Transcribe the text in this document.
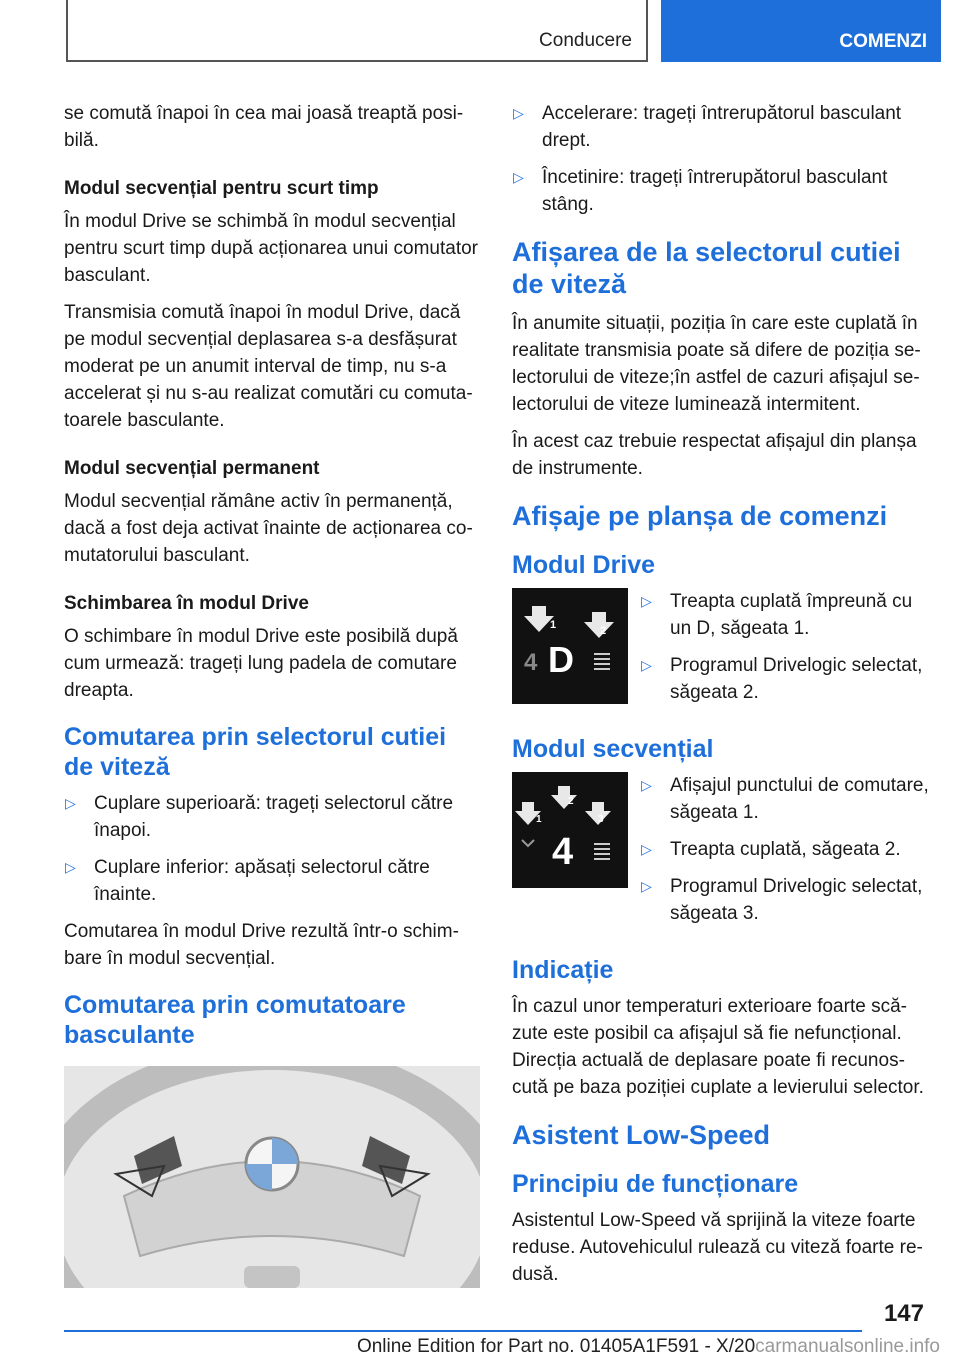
Conducere	COMENZI

se comută înapoi în cea mai joasă treaptă posibilă.

Modul secvențial pentru scurt timp

În modul Drive se schimbă în modul secvențial pentru scurt timp după acționarea unui comutator basculant.

Transmisia comută înapoi în modul Drive, dacă pe modul secvențial deplasarea s-a desfășurat moderat pe un anumit interval de timp, nu s-a accelerat și nu s-au realizat comutări cu comutatoarele basculante.

Modul secvențial permanent

Modul secvențial rămâne activ în permanență, dacă a fost deja activat înainte de acționarea comutatorului basculant.

Schimbarea în modul Drive

O schimbare în modul Drive este posibilă după cum urmează: trageți lung padela de comutare dreapta.

Comutarea prin selectorul cutiei de viteză
▷ Cuplare superioară: trageți selectorul către înapoi.
▷ Cuplare inferior: apăsați selectorul către înainte.

Comutarea în modul Drive rezultă într-o schimbare în modul secvențial.

Comutarea prin comutatoare basculante
▷ Accelerare: trageți întrerupătorul basculant drept.
▷ Încetinire: trageți întrerupătorul basculant stâng.
Afișarea de la selectorul cutiei de viteză

În anumite situații, poziția în care este cuplată în realitate transmisia poate să difere de poziția selectorului de viteze;în astfel de cazuri afișajul selectorului de viteze luminează intermitent.

În acest caz trebuie respectat afișajul din planșa de instrumente.

Afișaje pe planșa de comenzi
Modul Drive
1	2
4 D
▷ Treapta cuplată împreună cu un D, săgeata 1.
▷ Programul Drivelogic selectat, săgeata 2.
Modul secvențial
1
2
3
4
▷ Afișajul punctului de comutare, săgeata 1.
▷ Treapta cuplată, săgeata 2.
▷ Programul Drivelogic selectat, săgeata 3.
Indicație

În cazul unor temperaturi exterioare foarte scăzute este posibil ca afișajul să fie nefuncțional. Direcția actuală de deplasare poate fi recunoscută pe baza poziției cuplate a levierului selector.

Asistent Low-Speed
Principiu de funcționare

Asistentul Low-Speed vă sprijină la viteze foarte reduse. Autovehiculul rulează cu viteză foarte redusă.

147
Online Edition for Part no. 01405A1F591 - X/20carmanualsonline.info
